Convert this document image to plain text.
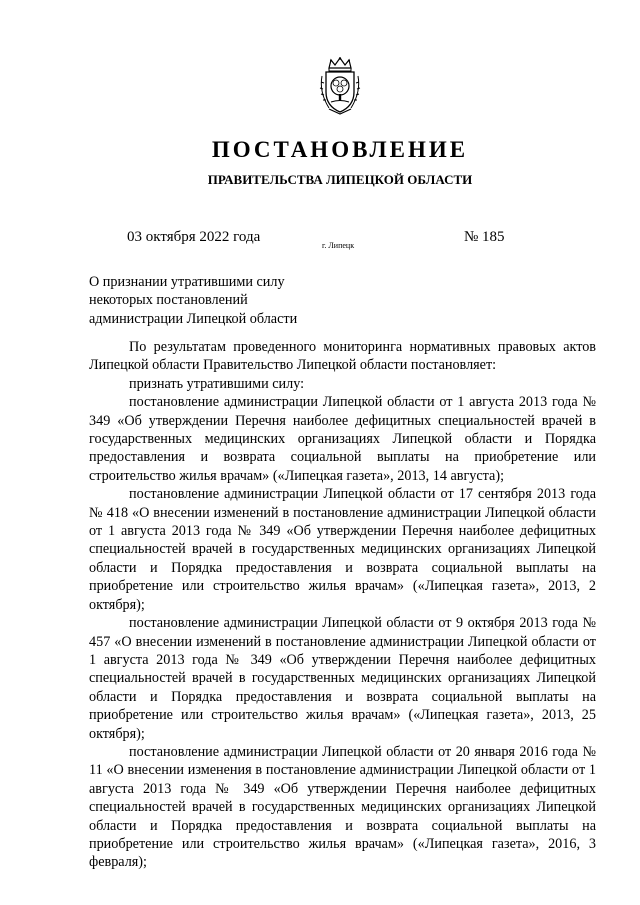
ПОСТАНОВЛЕНИЕ
ПРАВИТЕЛЬСТВА ЛИПЕЦКОЙ ОБЛАСТИ
03 октября 2022 года
г. Липецк
№ 185
О признании утратившими силу
некоторых постановлений
администрации Липецкой области

По результатам проведенного мониторинга нормативных правовых актов Липецкой области Правительство Липецкой области постановляет:

признать утратившими силу:

постановление администрации Липецкой области от 1 августа 2013 года № 349 «Об утверждении Перечня наиболее дефицитных специальностей врачей в государственных медицинских организациях Липецкой области и Порядка предоставления и возврата социальной выплаты на приобретение или строительство жилья врачам» («Липецкая газета», 2013, 14 августа);

постановление администрации Липецкой области от 17 сентября 2013 года № 418 «О внесении изменений в постановление администрации Липецкой области от 1 августа 2013 года № 349 «Об утверждении Перечня наиболее дефицитных специальностей врачей в государственных медицинских организациях Липецкой области и Порядка предоставления и возврата социальной выплаты на приобретение или строительство жилья врачам» («Липецкая газета», 2013, 2 октября);

постановление администрации Липецкой области от 9 октября 2013 года № 457 «О внесении изменений в постановление администрации Липецкой области от 1 августа 2013 года № 349 «Об утверждении Перечня наиболее дефицитных специальностей врачей в государственных медицинских организациях Липецкой области и Порядка предоставления и возврата социальной выплаты на приобретение или строительство жилья врачам» («Липецкая газета», 2013, 25 октября);

постановление администрации Липецкой области от 20 января 2016 года № 11 «О внесении изменения в постановление администрации Липецкой области от 1 августа 2013 года № 349 «Об утверждении Перечня наиболее дефицитных специальностей врачей в государственных медицинских организациях Липецкой области и Порядка предоставления и возврата социальной выплаты на приобретение или строительство жилья врачам» («Липецкая газета», 2016, 3 февраля);
